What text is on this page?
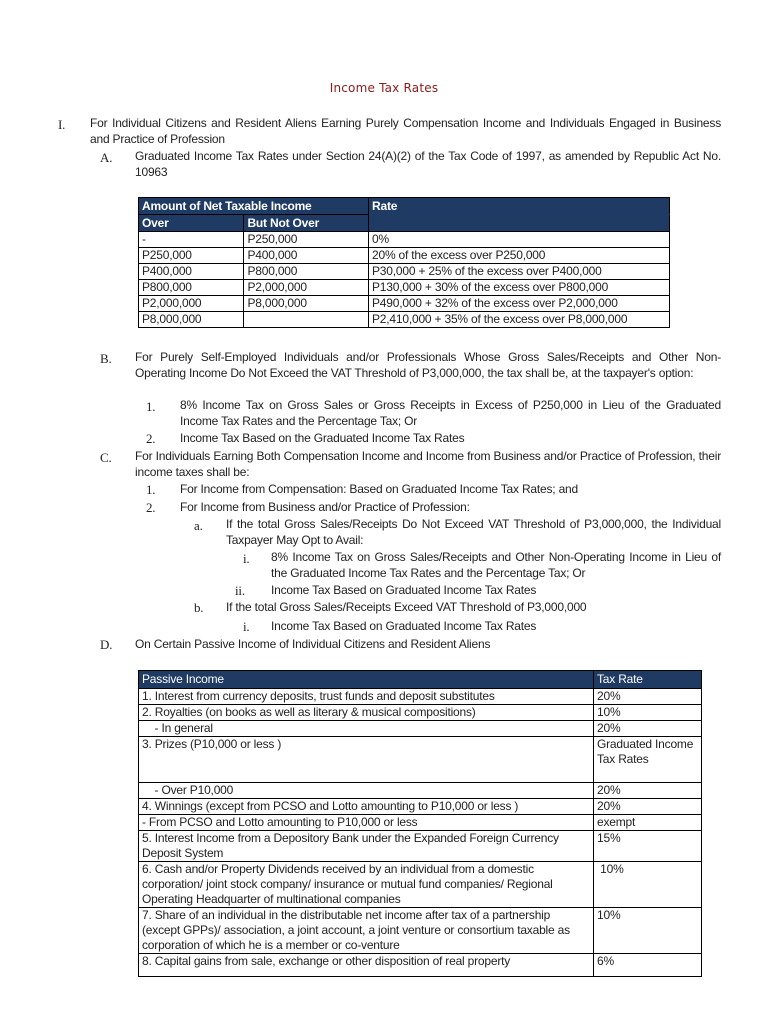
Income Tax Rates
I. For Individual Citizens and Resident Aliens Earning Purely Compensation Income and Individuals Engaged in Business and Practice of Profession
A. Graduated Income Tax Rates under Section 24(A)(2) of the Tax Code of 1997, as amended by Republic Act No. 10963
Amount of Net Taxable Income		Rate
Over	But Not Over	
-	P250,000	0%
P250,000	P400,000	20% of the excess over P250,000
P400,000	P800,000	P30,000 + 25% of the excess over P400,000
P800,000	P2,000,000	P130,000 + 30% of the excess over P800,000
P2,000,000	P8,000,000	P490,000 + 32% of the excess over P2,000,000
P8,000,000		P2,410,000 + 35% of the excess over P8,000,000
B. For Purely Self-Employed Individuals and/or Professionals Whose Gross Sales/Receipts and Other Non-Operating Income Do Not Exceed the VAT Threshold of P3,000,000, the tax shall be, at the taxpayer's option:
1. 8% Income Tax on Gross Sales or Gross Receipts in Excess of P250,000 in Lieu of the Graduated Income Tax Rates and the Percentage Tax; Or
2. Income Tax Based on the Graduated Income Tax Rates
C. For Individuals Earning Both Compensation Income and Income from Business and/or Practice of Profession, their income taxes shall be:
1. For Income from Compensation: Based on Graduated Income Tax Rates; and
2. For Income from Business and/or Practice of Profession:
a. If the total Gross Sales/Receipts Do Not Exceed VAT Threshold of P3,000,000, the Individual Taxpayer May Opt to Avail:
i. 8% Income Tax on Gross Sales/Receipts and Other Non-Operating Income in Lieu of the Graduated Income Tax Rates and the Percentage Tax; Or
ii. Income Tax Based on Graduated Income Tax Rates
b. If the total Gross Sales/Receipts Exceed VAT Threshold of P3,000,000
i. Income Tax Based on Graduated Income Tax Rates
D. On Certain Passive Income of Individual Citizens and Resident Aliens
Passive Income	Tax Rate
1. Interest from currency deposits, trust funds and deposit substitutes	20%
2. Royalties (on books as well as literary & musical compositions)	10%
- In general	20%
3. Prizes (P10,000 or less )	Graduated Income Tax Rates
- Over P10,000	20%
4. Winnings (except from PCSO and Lotto amounting to P10,000 or less )	20%
- From PCSO and Lotto amounting to P10,000 or less	exempt
5. Interest Income from a Depository Bank under the Expanded Foreign Currency Deposit System	15%
6. Cash and/or Property Dividends received by an individual from a domestic corporation/ joint stock company/ insurance or mutual fund companies/ Regional Operating Headquarter of multinational companies	10%
7. Share of an individual in the distributable net income after tax of a partnership (except GPPs)/ association, a joint account, a joint venture or consortium taxable as corporation of which he is a member or co-venture	10%
8. Capital gains from sale, exchange or other disposition of real property	6%
